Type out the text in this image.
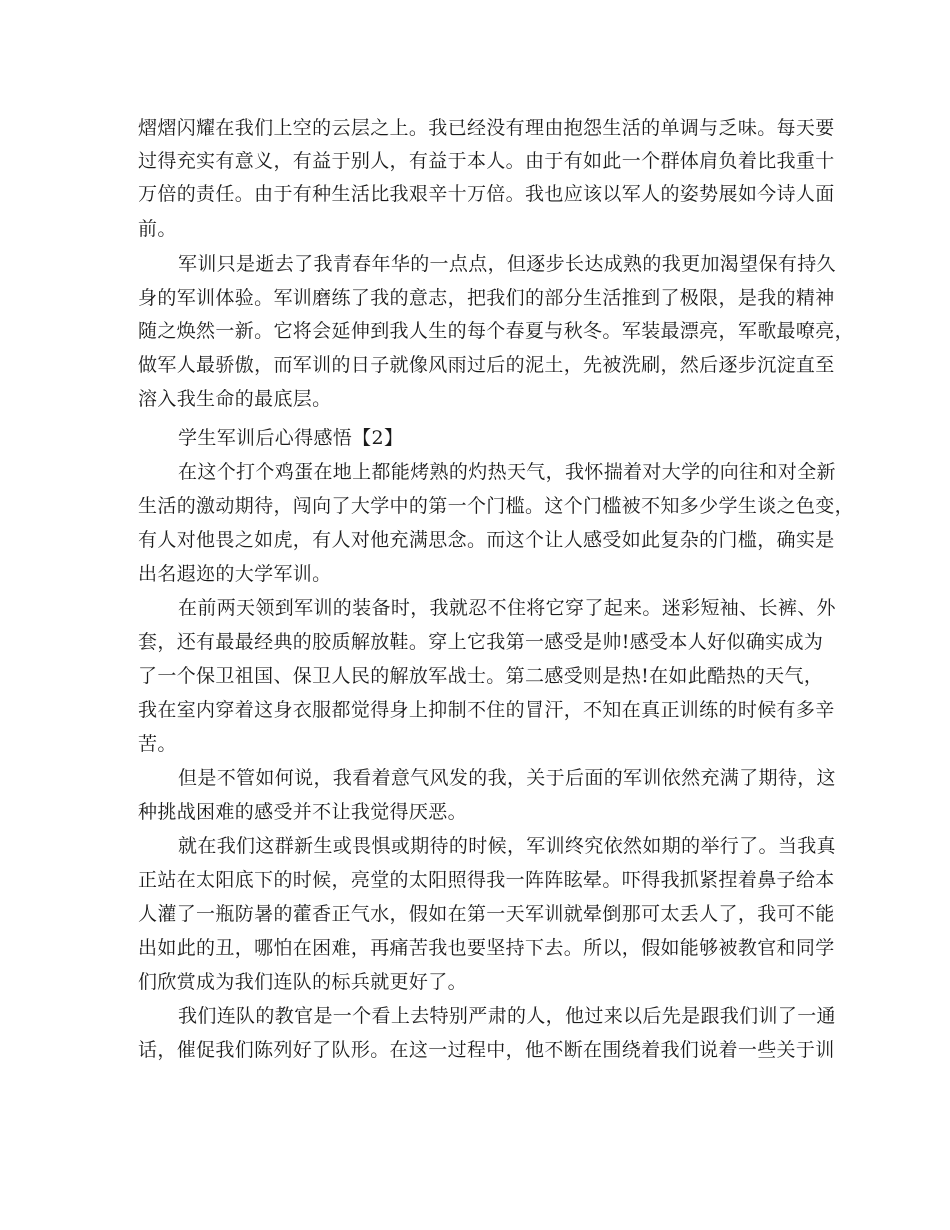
熠熠闪耀在我们上空的云层之上。我已经没有理由抱怨生活的单调与乏味。每天要
过得充实有意义，有益于别人，有益于本人。由于有如此一个群体肩负着比我重十
万倍的责任。由于有种生活比我艰辛十万倍。我也应该以军人的姿势展如今诗人面
前。
军训只是逝去了我青春年华的一点点，但逐步长达成熟的我更加渴望保有持久
身的军训体验。军训磨练了我的意志，把我们的部分生活推到了极限，是我的精神
随之焕然一新。它将会延伸到我人生的每个春夏与秋冬。军装最漂亮，军歌最嘹亮，
做军人最骄傲，而军训的日子就像风雨过后的泥土，先被洗刷，然后逐步沉淀直至
溶入我生命的最底层。
学生军训后心得感悟【2】
在这个打个鸡蛋在地上都能烤熟的灼热天气，我怀揣着对大学的向往和对全新
生活的激动期待，闯向了大学中的第一个门槛。这个门槛被不知多少学生谈之色变，
有人对他畏之如虎，有人对他充满思念。而这个让人感受如此复杂的门槛，确实是
出名遐迩的大学军训。
在前两天领到军训的装备时，我就忍不住将它穿了起来。迷彩短袖、长裤、外
套，还有最最经典的胶质解放鞋。穿上它我第一感受是帅!感受本人好似确实成为
了一个保卫祖国、保卫人民的解放军战士。第二感受则是热!在如此酷热的天气，
我在室内穿着这身衣服都觉得身上抑制不住的冒汗，不知在真正训练的时候有多辛
苦。
但是不管如何说，我看着意气风发的我，关于后面的军训依然充满了期待，这
种挑战困难的感受并不让我觉得厌恶。
就在我们这群新生或畏惧或期待的时候，军训终究依然如期的举行了。当我真
正站在太阳底下的时候，亮堂的太阳照得我一阵阵眩晕。吓得我抓紧捏着鼻子给本
人灌了一瓶防暑的藿香正气水，假如在第一天军训就晕倒那可太丢人了，我可不能
出如此的丑，哪怕在困难，再痛苦我也要坚持下去。所以，假如能够被教官和同学
们欣赏成为我们连队的标兵就更好了。
我们连队的教官是一个看上去特别严肃的人，他过来以后先是跟我们训了一通
话，催促我们陈列好了队形。在这一过程中，他不断在围绕着我们说着一些关于训
